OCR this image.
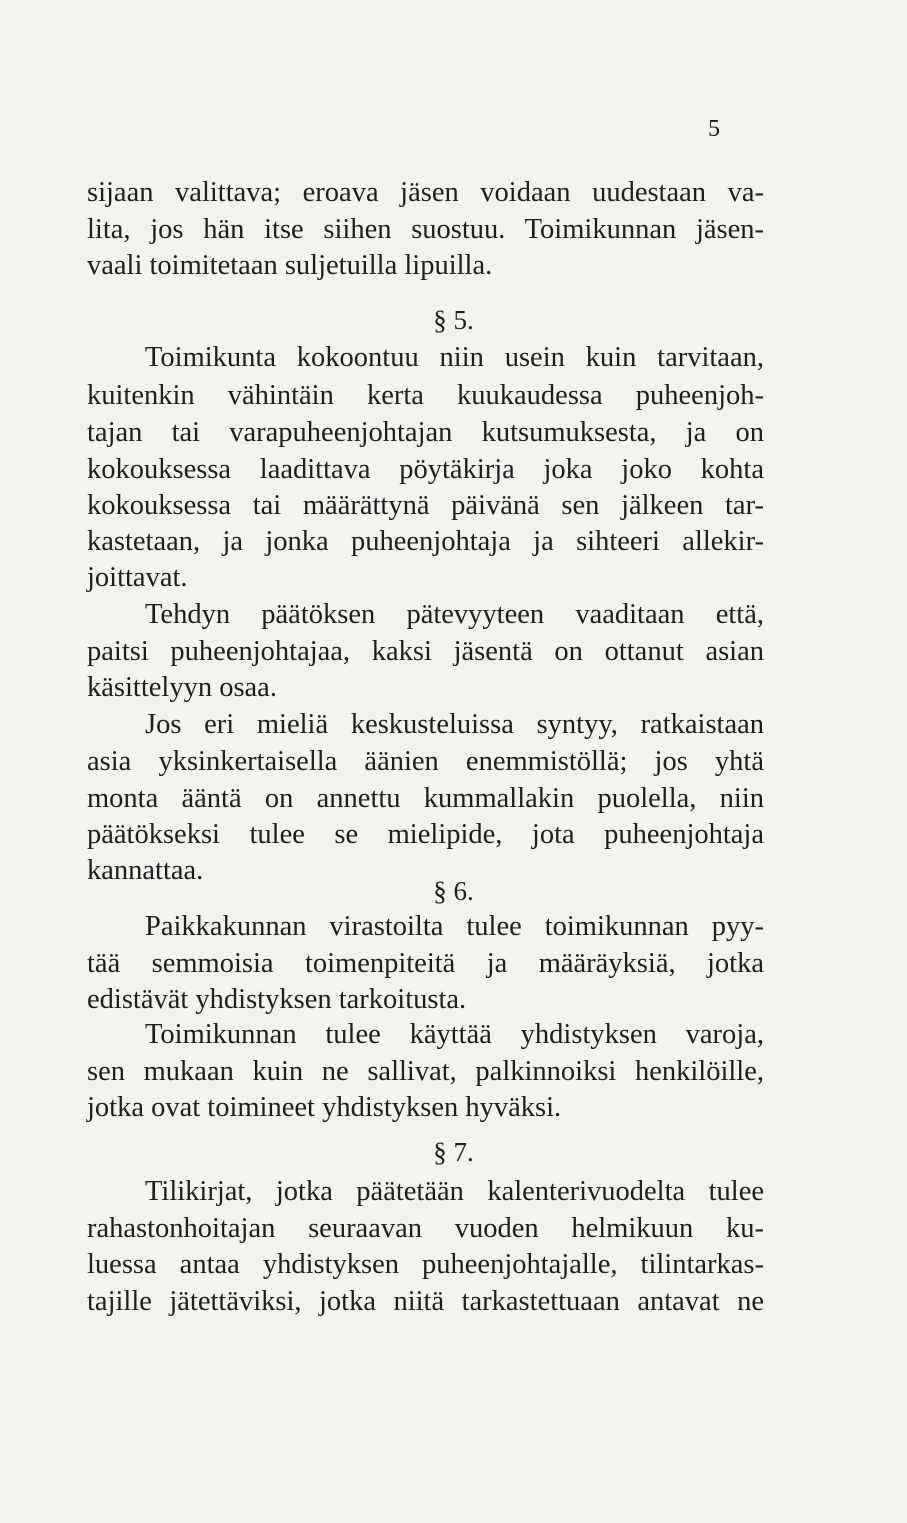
5
sijaan valittava; eroava jäsen voidaan uudestaan va-
lita, jos hän itse siihen suostuu. Toimikunnan jäsen-
vaali toimitetaan suljetuilla lipuilla.
§ 5.
Toimikunta kokoontuu niin usein kuin tarvitaan,
kuitenkin vähintäin kerta kuukaudessa puheenjoh-
tajan tai varapuheenjohtajan kutsumuksesta, ja on
kokouksessa laadittava pöytäkirja joka joko kohta
kokouksessa tai määrättynä päivänä sen jälkeen tar-
kastetaan, ja jonka puheenjohtaja ja sihteeri allekir-
joittavat.
Tehdyn päätöksen pätevyyteen vaaditaan että,
paitsi puheenjohtajaa, kaksi jäsentä on ottanut asian
käsittelyyn osaa.
Jos eri mieliä keskusteluissa syntyy, ratkaistaan
asia yksinkertaisella äänien enemmistöllä; jos yhtä
monta ääntä on annettu kummallakin puolella, niin
päätökseksi tulee se mielipide, jota puheenjohtaja
kannattaa.
§ 6.
Paikkakunnan virastoilta tulee toimikunnan pyy-
tää semmoisia toimenpiteitä ja määräyksiä, jotka
edistävät yhdistyksen tarkoitusta.
Toimikunnan tulee käyttää yhdistyksen varoja,
sen mukaan kuin ne sallivat, palkinnoiksi henkilöille,
jotka ovat toimineet yhdistyksen hyväksi.
§ 7.
Tilikirjat, jotka päätetään kalenterivuodelta tulee
rahastonhoitajan seuraavan vuoden helmikuun ku-
luessa antaa yhdistyksen puheenjohtajalle, tilintarkas-
tajille jätettäviksi, jotka niitä tarkastettuaan antavat ne
